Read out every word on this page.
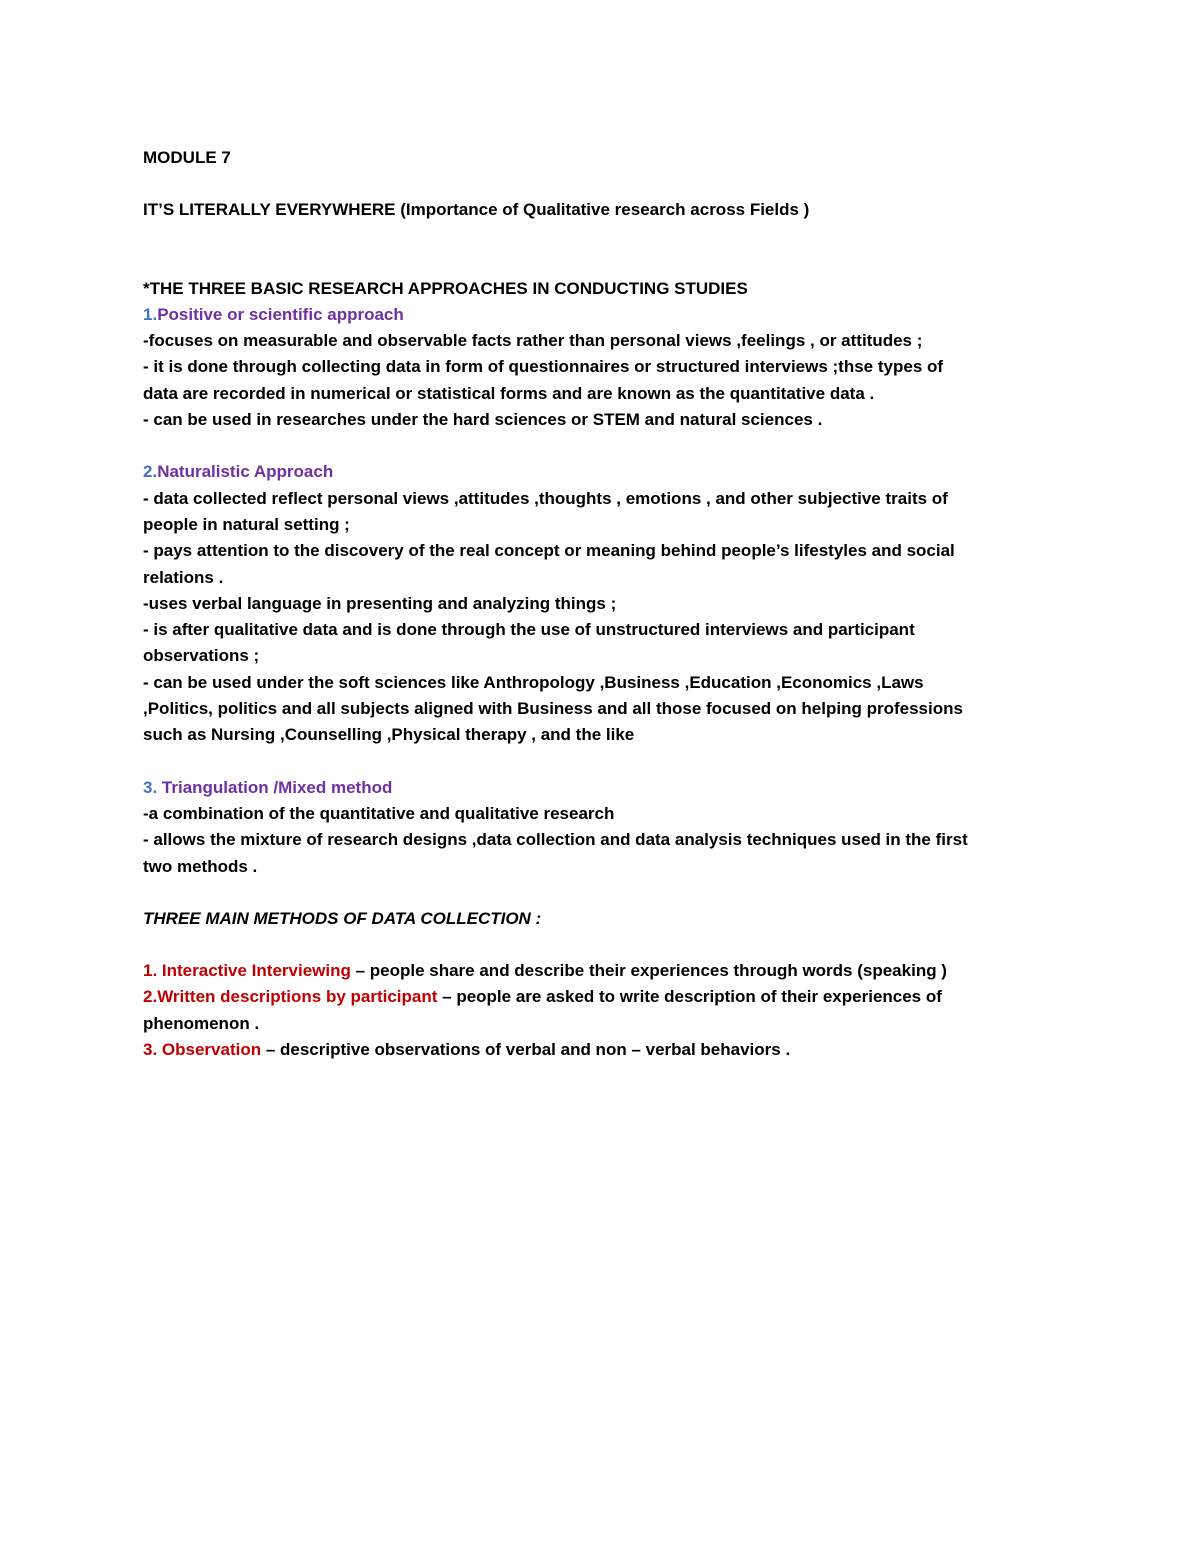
MODULE 7

IT’S LITERALLY EVERYWHERE (Importance of Qualitative research across Fields )

*THE THREE BASIC RESEARCH APPROACHES IN CONDUCTING STUDIES

1.Positive or scientific approach

-focuses on measurable and observable facts rather than personal views ,feelings , or attitudes ;

- it is done through collecting data in form of questionnaires or structured interviews ;thse types of

data are recorded in numerical or statistical forms and are known as the quantitative data .

- can be used in researches under the hard sciences or STEM and natural sciences .

2.Naturalistic Approach

- data collected reflect personal views ,attitudes ,thoughts , emotions , and other subjective traits of

people in natural setting ;

- pays attention to the discovery of the real concept or meaning behind people’s lifestyles and social

relations .

-uses verbal language in presenting and analyzing things ;

- is after qualitative data and is done through the use of unstructured interviews and participant

observations ;

- can be used under the soft sciences like Anthropology ,Business ,Education ,Economics ,Laws

,Politics, politics and all subjects aligned with Business and all those focused on helping professions

such as Nursing ,Counselling ,Physical therapy , and the like

3. Triangulation /Mixed method

-a combination of the quantitative and qualitative research

- allows the mixture of research designs ,data collection and data analysis techniques used in the first

two methods .

THREE MAIN METHODS OF DATA COLLECTION :

1. Interactive Interviewing – people share and describe their experiences through words (speaking )

2.Written descriptions by participant – people are asked to write description of their experiences of

phenomenon .

3. Observation – descriptive observations of verbal and non – verbal behaviors .
